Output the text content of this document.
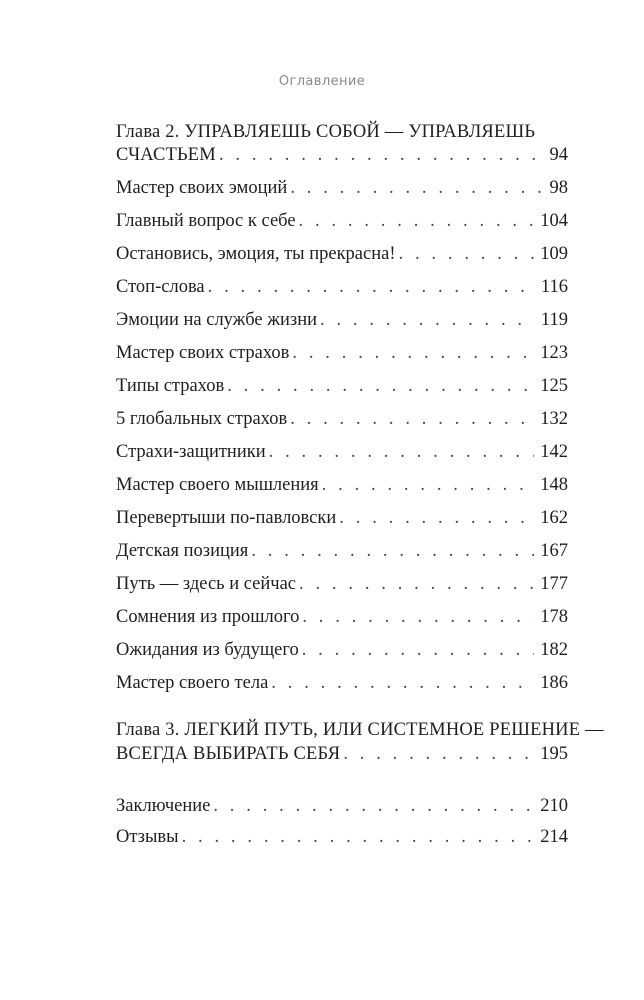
Оглавление
Глава 2. УПРАВЛЯЕШЬ СОБОЙ — УПРАВЛЯЕШЬ
СЧАСТЬЕМ . . .	94
Мастер своих эмоций . . .	98
Главный вопрос к себе . . .	104
Остановись, эмоция, ты прекрасна! . . .	109
Стоп-слова . . .	116
Эмоции на службе жизни . . .	119
Мастер своих страхов . . .	123
Типы страхов . . .	125
5 глобальных страхов . . .	132
Страхи-защитники . . .	142
Мастер своего мышления . . .	148
Перевертыши по-павловски . . .	162
Детская позиция . . .	167
Путь — здесь и сейчас . . .	177
Сомнения из прошлого . . .	178
Ожидания из будущего . . .	182
Мастер своего тела . . .	186
Глава 3. ЛЕГКИЙ ПУТЬ, ИЛИ СИСТЕМНОЕ РЕШЕНИЕ —
ВСЕГДА ВЫБИРАТЬ СЕБЯ . . .	195
Заключение . . .	210
Отзывы . . .	214
